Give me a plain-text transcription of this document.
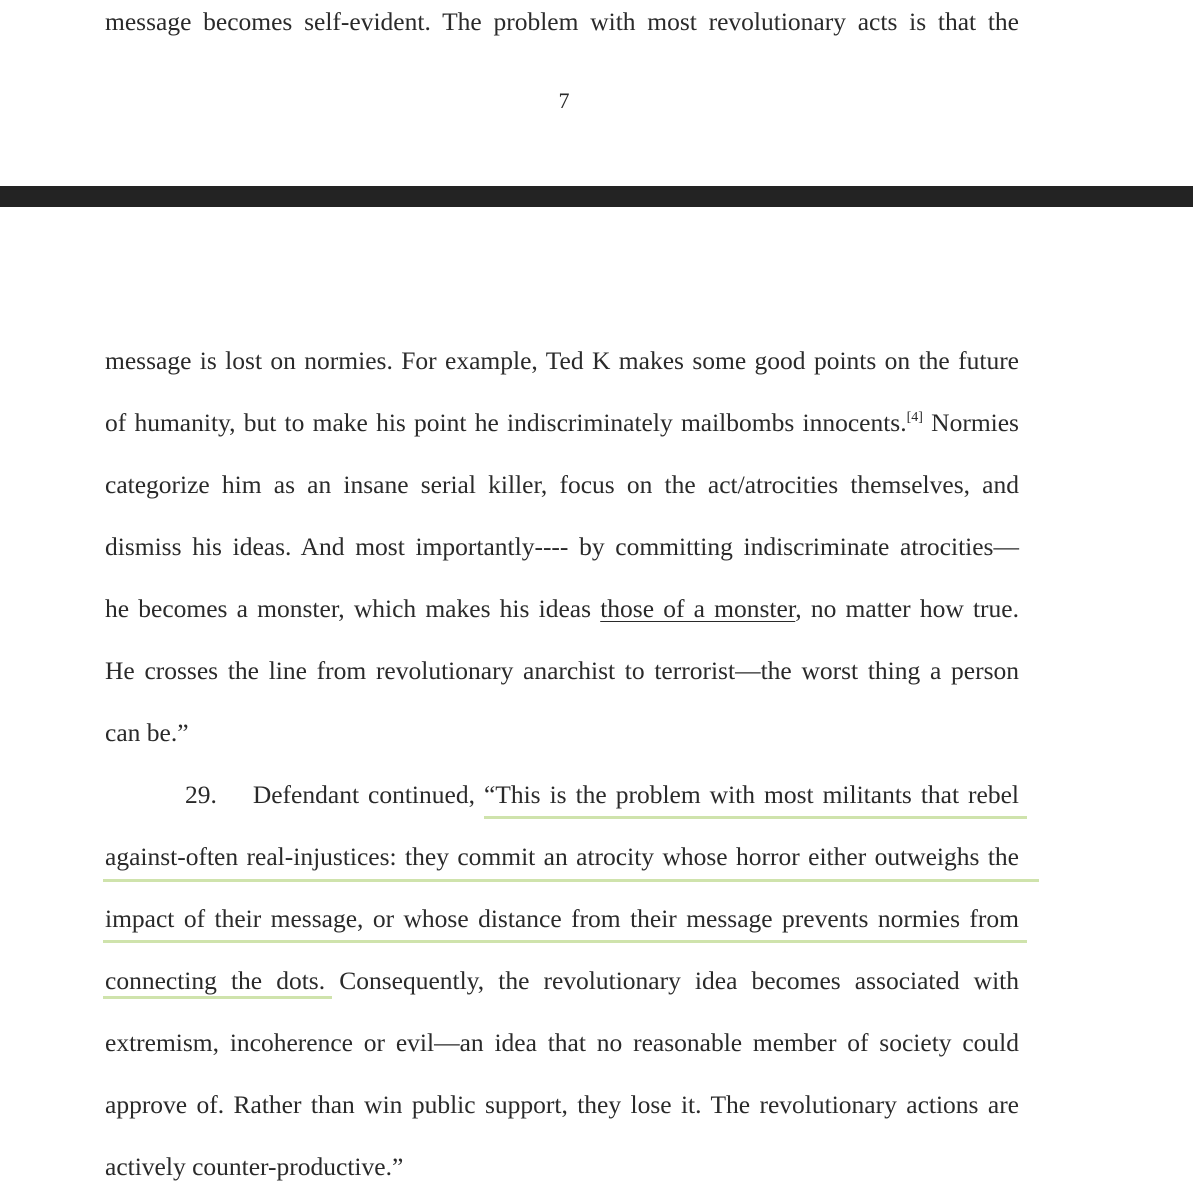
message becomes self-evident. The problem with most revolutionary acts is that the
7
message is lost on normies. For example, Ted K makes some good points on the future
of humanity, but to make his point he indiscriminately mailbombs innocents.[4] Normies
categorize him as an insane serial killer, focus on the act/atrocities themselves, and
dismiss his ideas. And most importantly---- by committing indiscriminate atrocities—
he becomes a monster, which makes his ideas those of a monster, no matter how true.
He crosses the line from revolutionary anarchist to terrorist—the worst thing a person
can be.”
29. Defendant continued, “This is the problem with most militants that rebel
against-often real-injustices: they commit an atrocity whose horror either outweighs the
impact of their message, or whose distance from their message prevents normies from
connecting the dots. Consequently, the revolutionary idea becomes associated with
extremism, incoherence or evil—an idea that no reasonable member of society could
approve of. Rather than win public support, they lose it. The revolutionary actions are
actively counter-productive.”
